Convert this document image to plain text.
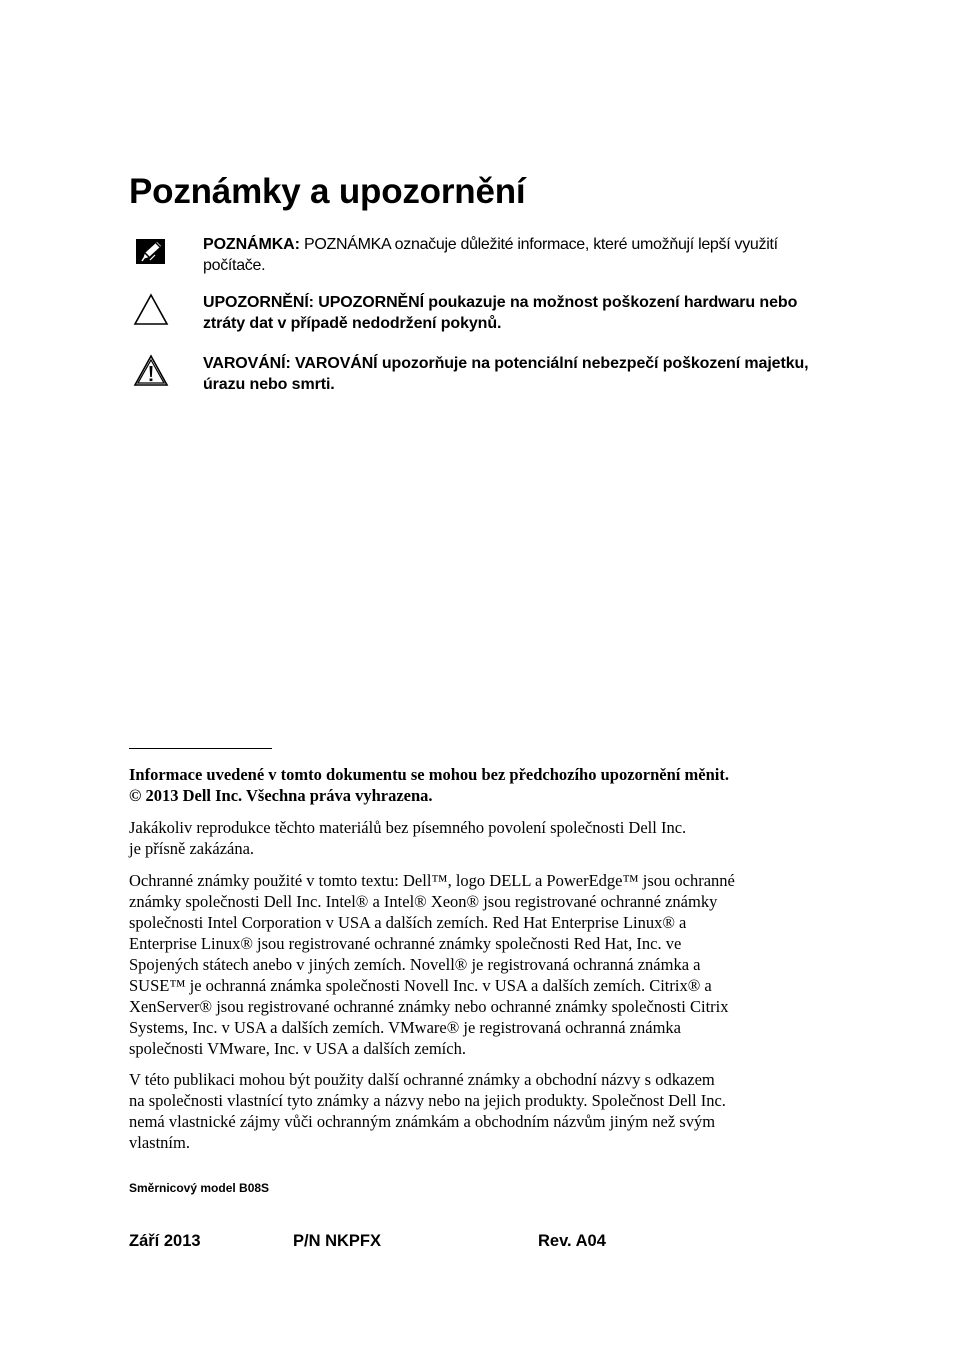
Poznámky a upozornění
POZNÁMKA: POZNÁMKA označuje důležité informace, které umožňují lepší využití počítače.
UPOZORNĚNÍ: UPOZORNĚNÍ poukazuje na možnost poškození hardwaru nebo ztráty dat v případě nedodržení pokynů.
VAROVÁNÍ: VAROVÁNÍ upozorňuje na potenciální nebezpečí poškození majetku, úrazu nebo smrti.

Informace uvedené v tomto dokumentu se mohou bez předchozího upozornění měnit.
© 2013 Dell Inc. Všechna práva vyhrazena.

Jakákoliv reprodukce těchto materiálů bez písemného povolení společnosti Dell Inc.
je přísně zakázána.

Ochranné známky použité v tomto textu: Dell™, logo DELL a PowerEdge™ jsou ochranné
známky společnosti Dell Inc. Intel® a Intel® Xeon® jsou registrované ochranné známky
společnosti Intel Corporation v USA a dalších zemích. Red Hat Enterprise Linux® a
Enterprise Linux® jsou registrované ochranné známky společnosti Red Hat, Inc. ve
Spojených státech anebo v jiných zemích. Novell® je registrovaná ochranná známka a
SUSE™ je ochranná známka společnosti Novell Inc. v USA a dalších zemích. Citrix® a
XenServer® jsou registrované ochranné známky nebo ochranné známky společnosti Citrix
Systems, Inc. v USA a dalších zemích. VMware® je registrovaná ochranná známka
společnosti VMware, Inc. v USA a dalších zemích.

V této publikaci mohou být použity další ochranné známky a obchodní názvy s odkazem
na společnosti vlastnící tyto známky a názvy nebo na jejich produkty. Společnost Dell Inc.
nemá vlastnické zájmy vůči ochranným známkám a obchodním názvům jiným než svým
vlastním.

Směrnicový model B08S
Září 2013	P/N NKPFX	Rev. A04
